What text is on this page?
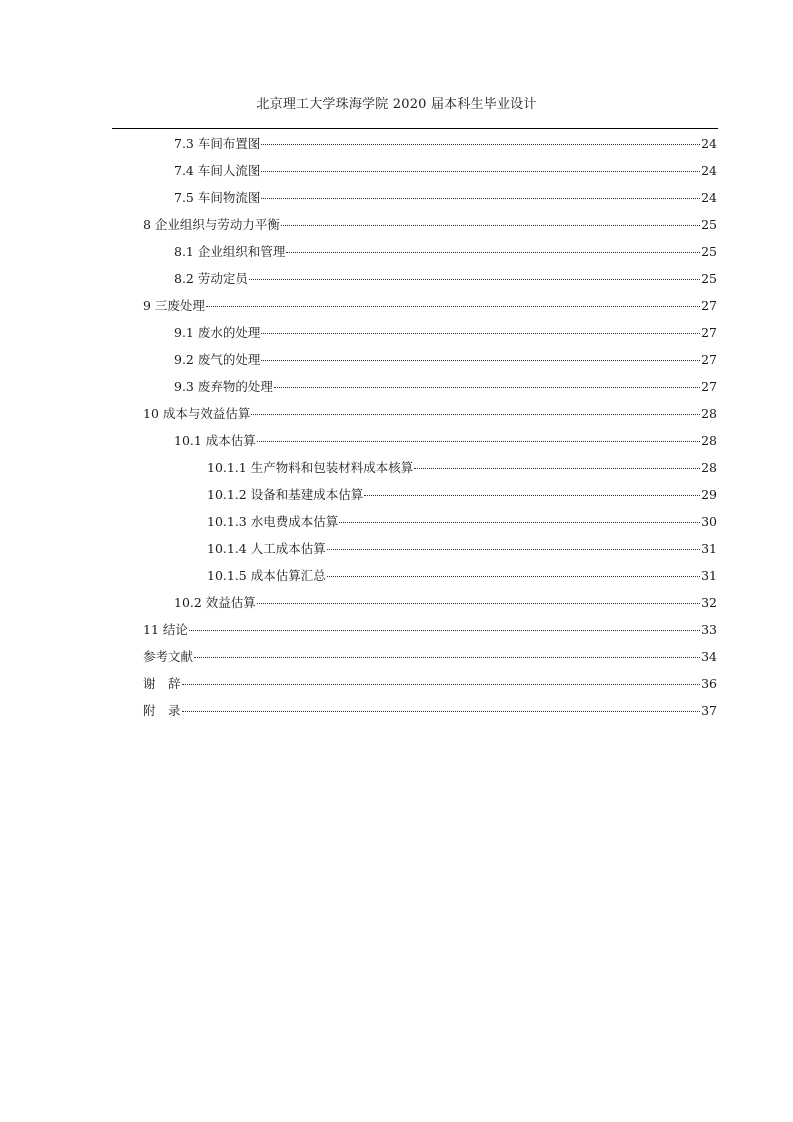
北京理工大学珠海学院 2020 届本科生毕业设计
7.3 车间布置图	24
7.4 车间人流图	24
7.5 车间物流图	24
8 企业组织与劳动力平衡	25
8.1 企业组织和管理	25
8.2 劳动定员	25
9 三废处理	27
9.1 废水的处理	27
9.2 废气的处理	27
9.3 废弃物的处理	27
10 成本与效益估算	28
10.1 成本估算	28
10.1.1 生产物料和包装材料成本核算	28
10.1.2 设备和基建成本估算	29
10.1.3 水电费成本估算	30
10.1.4 人工成本估算	31
10.1.5 成本估算汇总	31
10.2 效益估算	32
11 结论	33
参考文献	34
谢　辞	36
附　录	37
